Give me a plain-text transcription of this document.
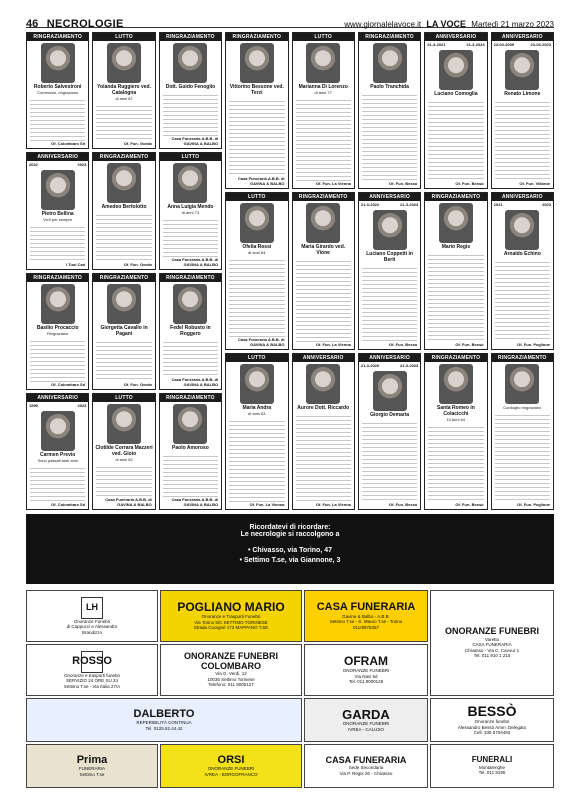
46 NECROLOGIE	www.giornalelavoce.it LA VOCE Martedì 21 marzo 2023
RINGRAZIAMENTO
Roberto Salvestroni
Commossi, ringraziano
Of. Colombaro Srl
ANNIVERSARIO
2022	2023
Pietro Bellina
Viviì per sempre
I Tuoi Cari
RINGRAZIAMENTO
Basilio Procaccio
Ringraziano
Of. Colombaro Srl
ANNIVERSARIO
1999	2023
Carmen Previo
Sono passati tanti anni
Of. Colombaro Srl
LUTTO
Yolanda Ruggiero ved. Catalogna
di anni 87
Of. Fun. Gorda
RINGRAZIAMENTO
Amedeo Bertolotto
Of. Fun. Gorda
RINGRAZIAMENTO
Giorgetta Cavallo in Pagani
Of. Fun. Gorda
LUTTO
Clotilde Corrara Mazzeri ved. Gioio
di anni 82
Casa Funeraria A.B.B. di GAVINA & BALBO
RINGRAZIAMENTO
Dott. Guido Fenoglio
Casa Funeraria A.B.B. di GAVINA & BALBO
LUTTO
Anna Luigia Mendo
di anni 73
Casa Funeraria A.B.B. di GAVINA & BALBO
RINGRAZIAMENTO
Fedel Robusto in Roggero
Casa Funeraria A.B.B. di GAVINA & BALBO
RINGRAZIAMENTO
Paolo Amoroso
Casa Funeraria A.B.B. di GAVINA & BALBO
RINGRAZIAMENTO
Vittorino Bessone ved. Terzi
Casa Funeraria A.B.B. di GAVINA & BALBO
LUTTO
Ofelia Rossi
di anni 84
Casa Funeraria A.B.B. di GAVINA & BALBO
LUTTO
Maria Andra
di anni 83
Of. Fun. La Vienna
LUTTO
Marianna Di Lorenzo
di anni 77
Of. Fun. La Vienna
RINGRAZIAMENTO
Maria Girardo ved. Vione
Of. Fun. La Vienna
ANNIVERSARIO
Aurore Dott. Riccardo
Of. Fun. La Vienna
RINGRAZIAMENTO
Paolo Tranchida
Of. Fun. Bessò
ANNIVERSARIO
21-3-2022	21-3-2023
Luciano Coppetti in Berti
Of. Fun. Bessò
ANNIVERSARIO
21-3-2020	21-3-2023
Giorgio Demaria
Of. Fun. Bessò
ANNIVERSARIO
21-3-2021	21-3-2023
Luciano Comoglia
Of. Fun. Bessò
RINGRAZIAMENTO
Mario Regis
Of. Fun. Bessò
RINGRAZIAMENTO
Santa Romeo in Colacicchi
Di Anni 64
Of. Fun. Bessò
ANNIVERSARIO
23-03-2009	23-03-2023
Renato Limone
Of. Fun. Villaroe
ANNIVERSARIO
2021	2023
Arnaldo Echino
Of. Fun. Peglione
RINGRAZIAMENTO
Cordoglio ringraziano
Of. Fun. Peglione
Ricordatevi di ricordare:
Le necrologie si raccolgono a
• Chivasso, via Torino, 47
• Settimo T.se, via Giannone, 3
LH
Onoranze Funebri
di Cappucci e Alessandro
Brandizzo
POGLIANO MARIO
Onoranze e Trasporti Funebri
Via Torino 5/C SETTIMO TORINESE
Strada Cuorgnè 173 MAPPANO T.SE
CASA FUNERARIA
Gavina & Balbo - A.B.B.
Settimo T.se - S. Mauro T.se - Torino
011/8978357	ONORANZE FUNEBRI
Varetto
CASA FUNERARIA
Chivasso - Via C. Cavour 1
Tel. 011 910 1 215
ROSSO
Onoranze e trasporti funebri
SERVIZIO 24 ORE SU 24
Settimo T.se - Via Italia 27/A
ONORANZE FUNEBRI COLOMBARO
Via G. Verdi, 12
10036 Settimo Torinese
Telefono: 011 8005127
OFRAM
ONORANZE FUNEBRI
Via Navi 5d
Tel. 011 8000128
DALBERTO
REPERIBILITÀ CONTINUA
Tel. 0125.62.44.42
GARDA
ONORANZE FUNEBRI
IVREA - CALUSO
BESSÒ
Onoranze funebri
Alessandro Bessò Amm. Delegato
Cell. 335 5704493
Prima
FUNERARIA
Settimo T.se
ORSI
ONORANZE FUNEBRI
IVREA - BORGOFRANCO
CASA FUNERARIA
Sede Secondaria
Via P. Regis 26 - Chivasso
FUNERALI
Montalenghe
Tel. 011 9190
